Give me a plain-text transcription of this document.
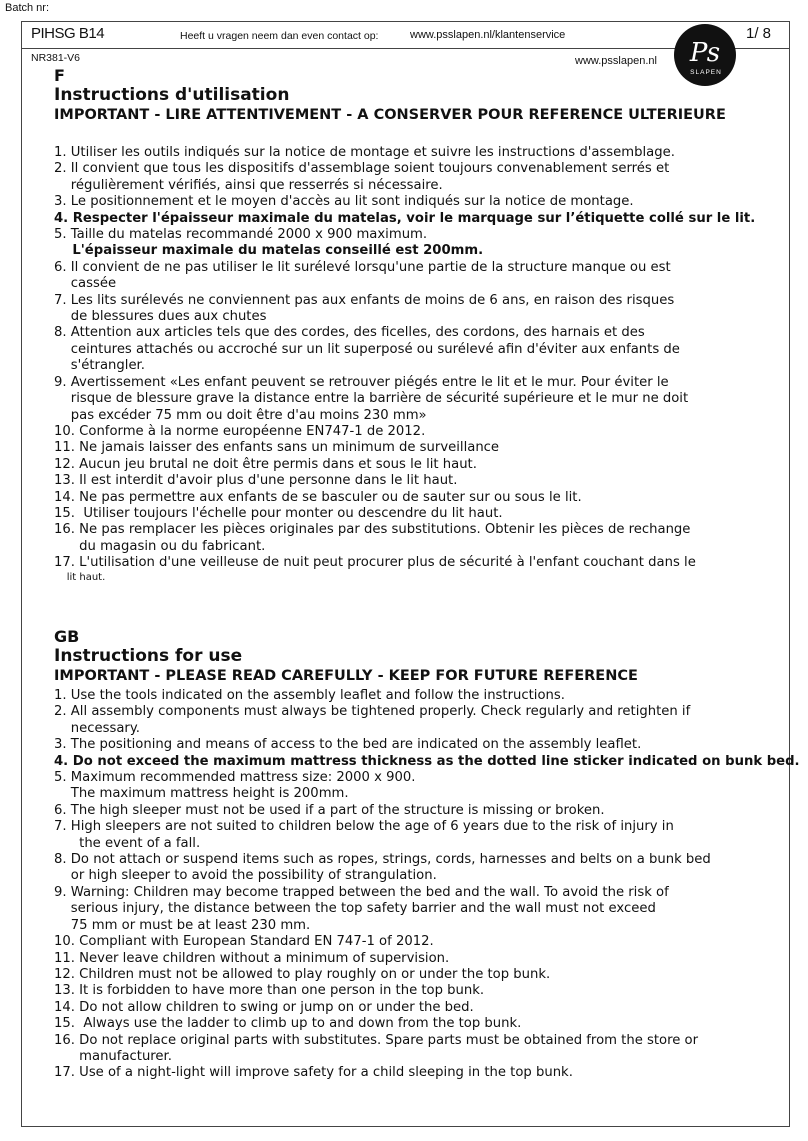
Batch nr:
PIHSG B14	Heeft u vragen neem dan even contact op:	www.psslapen.nl/klantenservice	1/ 8
NR381-V6	www.psslapen.nl Ps
SLAPEN
F
Instructions d'utilisation
IMPORTANT - LIRE ATTENTIVEMENT - A CONSERVER POUR REFERENCE ULTERIEURE
1. Utiliser les outils indiqués sur la notice de montage et suivre les instructions d'assemblage.
2. Il convient que tous les dispositifs d'assemblage soient toujours convenablement serrés et
régulièrement vérifiés, ainsi que resserrés si nécessaire.
3. Le positionnement et le moyen d'accès au lit sont indiqués sur la notice de montage.
4. Respecter l'épaisseur maximale du matelas, voir le marquage sur l’étiquette collé sur le lit.
5. Taille du matelas recommandé 2000 x 900 maximum.
L'épaisseur maximale du matelas conseillé est 200mm.
6. Il convient de ne pas utiliser le lit surélevé lorsqu'une partie de la structure manque ou est
cassée
7. Les lits surélevés ne conviennent pas aux enfants de moins de 6 ans, en raison des risques
de blessures dues aux chutes
8. Attention aux articles tels que des cordes, des ficelles, des cordons, des harnais et des
ceintures attachés ou accroché sur un lit superposé ou surélevé afin d'éviter aux enfants de
s'étrangler.
9. Avertissement «Les enfant peuvent se retrouver piégés entre le lit et le mur. Pour éviter le
risque de blessure grave la distance entre la barrière de sécurité supérieure et le mur ne doit
pas excéder 75 mm ou doit être d'au moins 230 mm»
10. Conforme à la norme européenne EN747-1 de 2012.
11. Ne jamais laisser des enfants sans un minimum de surveillance
12. Aucun jeu brutal ne doit être permis dans et sous le lit haut.
13. Il est interdit d'avoir plus d'une personne dans le lit haut.
14. Ne pas permettre aux enfants de se basculer ou de sauter sur ou sous le lit.
15.  Utiliser toujours l'échelle pour monter ou descendre du lit haut.
16. Ne pas remplacer les pièces originales par des substitutions. Obtenir les pièces de rechange
du magasin ou du fabricant.
17. L'utilisation d'une veilleuse de nuit peut procurer plus de sécurité à l'enfant couchant dans le
lit haut.
GB
Instructions for use
IMPORTANT - PLEASE READ CAREFULLY - KEEP FOR FUTURE REFERENCE
1. Use the tools indicated on the assembly leaflet and follow the instructions.
2. All assembly components must always be tightened properly. Check regularly and retighten if
necessary.
3. The positioning and means of access to the bed are indicated on the assembly leaflet.
4. Do not exceed the maximum mattress thickness as the dotted line sticker indicated on bunk bed.
5. Maximum recommended mattress size: 2000 x 900.
The maximum mattress height is 200mm.
6. The high sleeper must not be used if a part of the structure is missing or broken.
7. High sleepers are not suited to children below the age of 6 years due to the risk of injury in
the event of a fall.
8. Do not attach or suspend items such as ropes, strings, cords, harnesses and belts on a bunk bed
or high sleeper to avoid the possibility of strangulation.
9. Warning: Children may become trapped between the bed and the wall. To avoid the risk of
serious injury, the distance between the top safety barrier and the wall must not exceed
75 mm or must be at least 230 mm.
10. Compliant with European Standard EN 747-1 of 2012.
11. Never leave children without a minimum of supervision.
12. Children must not be allowed to play roughly on or under the top bunk.
13. It is forbidden to have more than one person in the top bunk.
14. Do not allow children to swing or jump on or under the bed.
15.  Always use the ladder to climb up to and down from the top bunk.
16. Do not replace original parts with substitutes. Spare parts must be obtained from the store or
manufacturer.
17. Use of a night-light will improve safety for a child sleeping in the top bunk.
